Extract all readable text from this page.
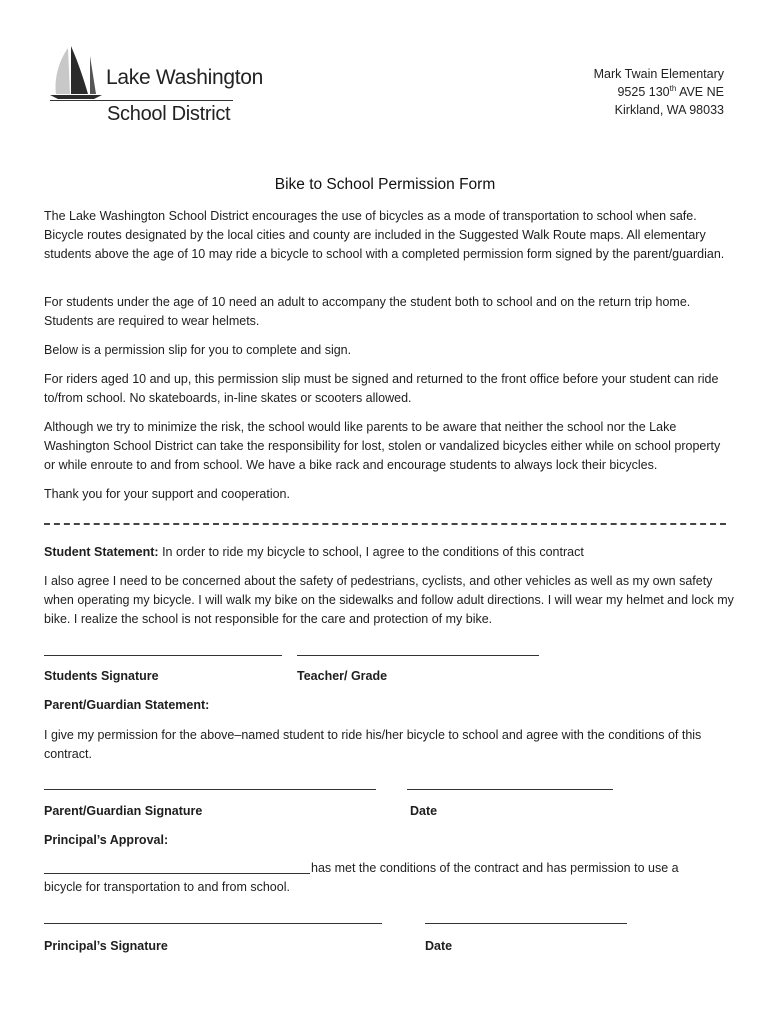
Lake Washington
School District
Mark Twain Elementary
9525 130th AVE NE
Kirkland, WA 98033
Bike to School Permission Form

The Lake Washington School District encourages the use of bicycles as a mode of transportation to school when safe. Bicycle routes designated by the local cities and county are included in the Suggested Walk Route maps. All elementary students above the age of 10 may ride a bicycle to school with a completed permission form signed by the parent/guardian.

For students under the age of 10 need an adult to accompany the student both to school and on the return trip home. Students are required to wear helmets.

Below is a permission slip for you to complete and sign.

For riders aged 10 and up, this permission slip must be signed and returned to the front office before your student can ride to/from school. No skateboards, in-line skates or scooters allowed.

Although we try to minimize the risk, the school would like parents to be aware that neither the school nor the Lake Washington School District can take the responsibility for lost, stolen or vandalized bicycles either while on school property or while enroute to and from school. We have a bike rack and encourage students to always lock their bicycles.

Thank you for your support and cooperation.

Student Statement: In order to ride my bicycle to school, I agree to the conditions of this contract

I also agree I need to be concerned about the safety of pedestrians, cyclists, and other vehicles as well as my own safety when operating my bicycle. I will walk my bike on the sidewalks and follow adult directions. I will wear my helmet and lock my bike. I realize the school is not responsible for the care and protection of my bike.

Students Signature	Teacher/ Grade
Parent/Guardian Statement:

I give my permission for the above–named student to ride his/her bicycle to school and agree with the conditions of this contract.

Parent/Guardian Signature	Date
Principal’s Approval:
has met the conditions of the contract and has permission to use a
bicycle for transportation to and from school.
Principal’s Signature	Date
